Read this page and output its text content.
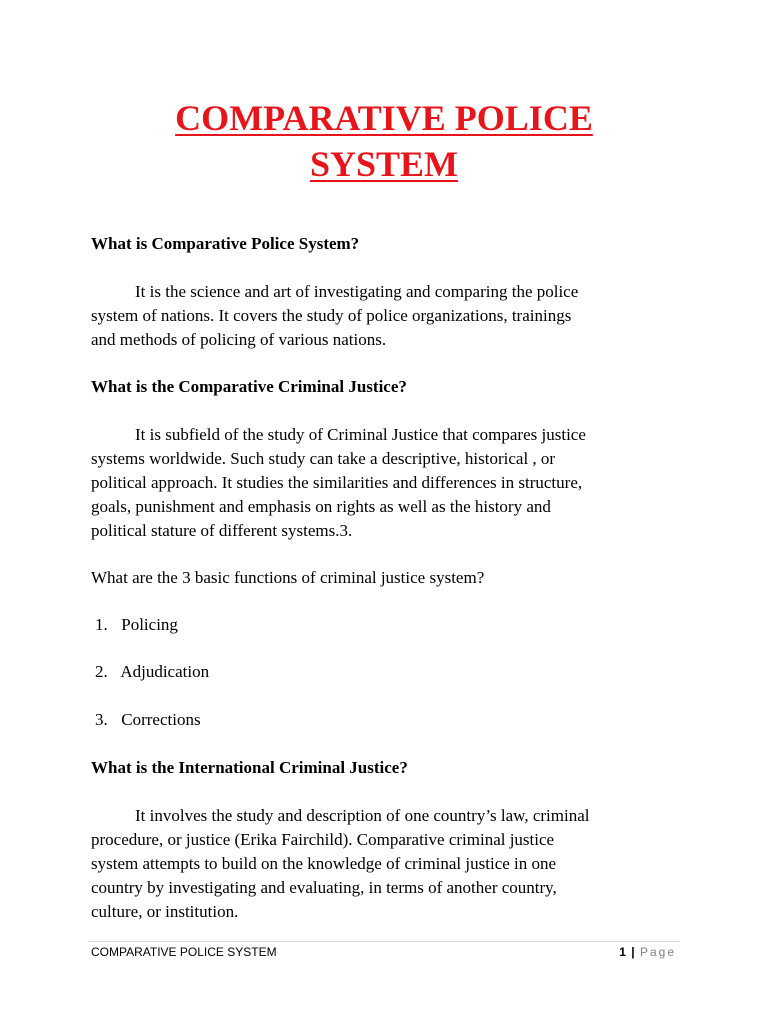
COMPARATIVE POLICE
SYSTEM
What is Comparative Police System?
It is the science and art of investigating and comparing the police
system of nations. It covers the study of police organizations, trainings
and methods of policing of various nations.
What is the Comparative Criminal Justice?
It is subfield of the study of Criminal Justice that compares justice
systems worldwide. Such study can take a descriptive, historical , or
political approach. It studies the similarities and differences in structure,
goals, punishment and emphasis on rights as well as the history and
political stature of different systems.3.
What are the 3 basic functions of criminal justice system?
1. Policing
2. Adjudication
3. Corrections
What is the International Criminal Justice?
It involves the study and description of one country’s law, criminal
procedure, or justice (Erika Fairchild). Comparative criminal justice
system attempts to build on the knowledge of criminal justice in one
country by investigating and evaluating, in terms of another country,
culture, or institution.
COMPARATIVE POLICE SYSTEM	1 | Page
